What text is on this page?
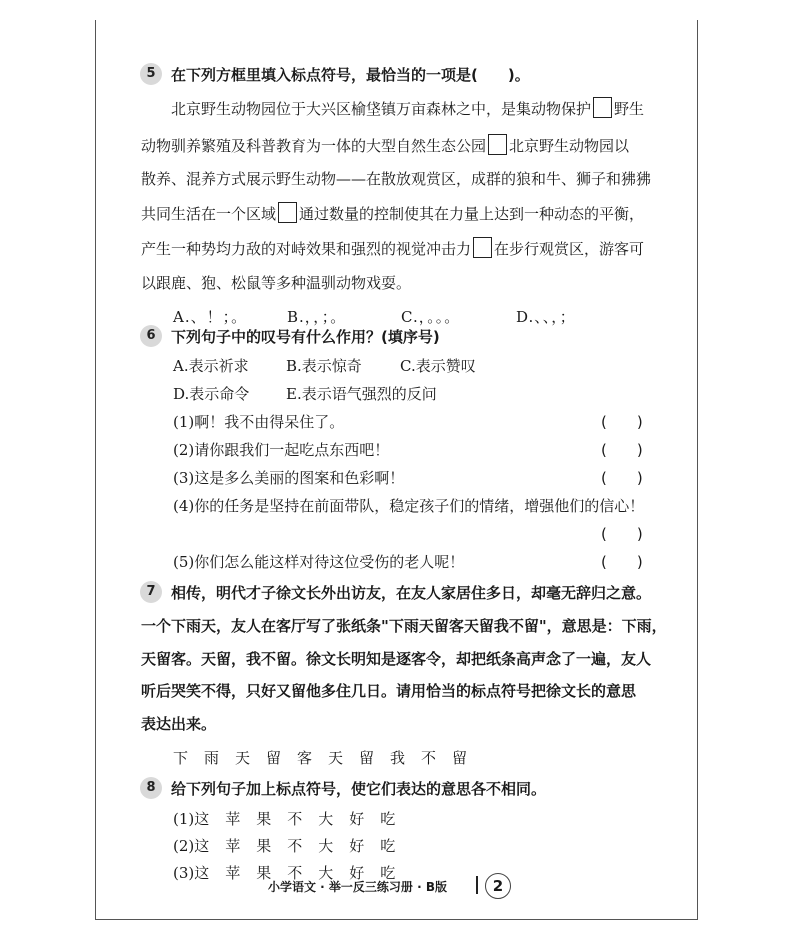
5	在下列方框里填入标点符号，最恰当的一项是(　　)。
北京野生动物园位于大兴区榆垡镇万亩森林之中，是集动物保护 野生
动物驯养繁殖及科普教育为一体的大型自然生态公园 北京野生动物园以
散养、混养方式展示野生动物——在散放观赏区，成群的狼和牛、狮子和狒狒
共同生活在一个区域 通过数量的控制使其在力量上达到一种动态的平衡，
产生一种势均力敌的对峙效果和强烈的视觉冲击力 在步行观赏区，游客可
以跟鹿、狍、松鼠等多种温驯动物戏耍。
A.、！；。	B.，，；。	C.，。。。	D.、、，；
6	下列句子中的叹号有什么作用？(填序号)
A.表示祈求 B.表示惊奇	C.表示赞叹
D.表示命令 E.表示语气强烈的反问
(1)啊！我不由得呆住了。	(　　)
(2)请你跟我们一起吃点东西吧！	(　　)
(3)这是多么美丽的图案和色彩啊！	(　　)
(4)你的任务是坚持在前面带队，稳定孩子们的情绪，增强他们的信心！
(　　)
(5)你们怎么能这样对待这位受伤的老人呢！	(　　)
7	相传，明代才子徐文长外出访友，在友人家居住多日，却毫无辞归之意。
一个下雨天，友人在客厅写了张纸条"下雨天留客天留我不留"，意思是：下雨，
天留客。天留，我不留。徐文长明知是逐客令，却把纸条高声念了一遍，友人
听后哭笑不得，只好又留他多住几日。请用恰当的标点符号把徐文长的意思
表达出来。
下雨天留客天留我不留
8	给下列句子加上标点符号，使它们表达的意思各不相同。
(1)这苹果不大好吃
(2)这苹果不大好吃
(3)这苹果不大好吃
小学语文 · 举一反三练习册 · B版	2
